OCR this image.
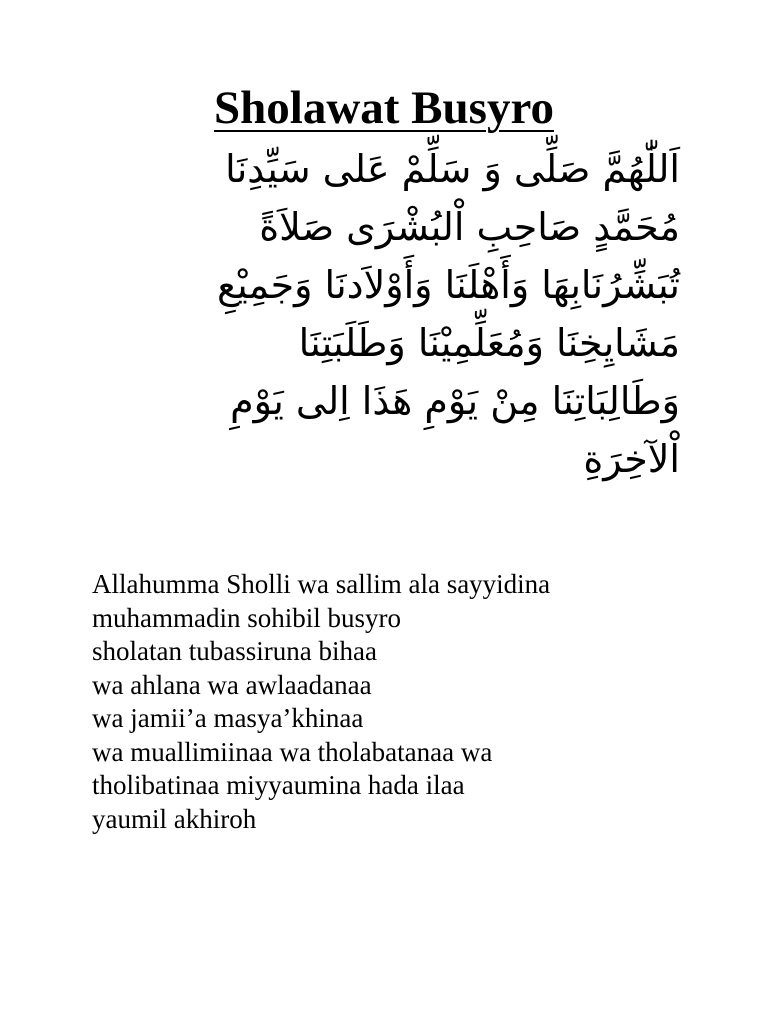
Sholawat Busyro
اَللّٰهُمَّ صَلِّى وَ سَلِّمْ عَلى سَيِّدِنَا
مُحَمَّدٍ صَاحِبِ اْلبُشْرَى صَلاَةً
تُبَشِّرُنَابِهَا وَأَهْلَنَا وَأَوْلاَدنَا وَجَمِيْعِ
مَشَايِخِنَا وَمُعَلِّمِيْنَا وَطَلَبَتِنَا
وَطَالِبَاتِنَا مِنْ يَوْمِ هَذَا اِلى يَوْمِ
اْلآخِرَةِ
Allahumma Sholli wa sallim ala sayyidina
muhammadin sohibil busyro
sholatan tubassiruna bihaa
wa ahlana wa awlaadanaa
wa jamii’a masya’khinaa
wa muallimiinaa wa tholabatanaa wa
tholibatinaa miyyaumina hada ilaa
yaumil akhiroh
